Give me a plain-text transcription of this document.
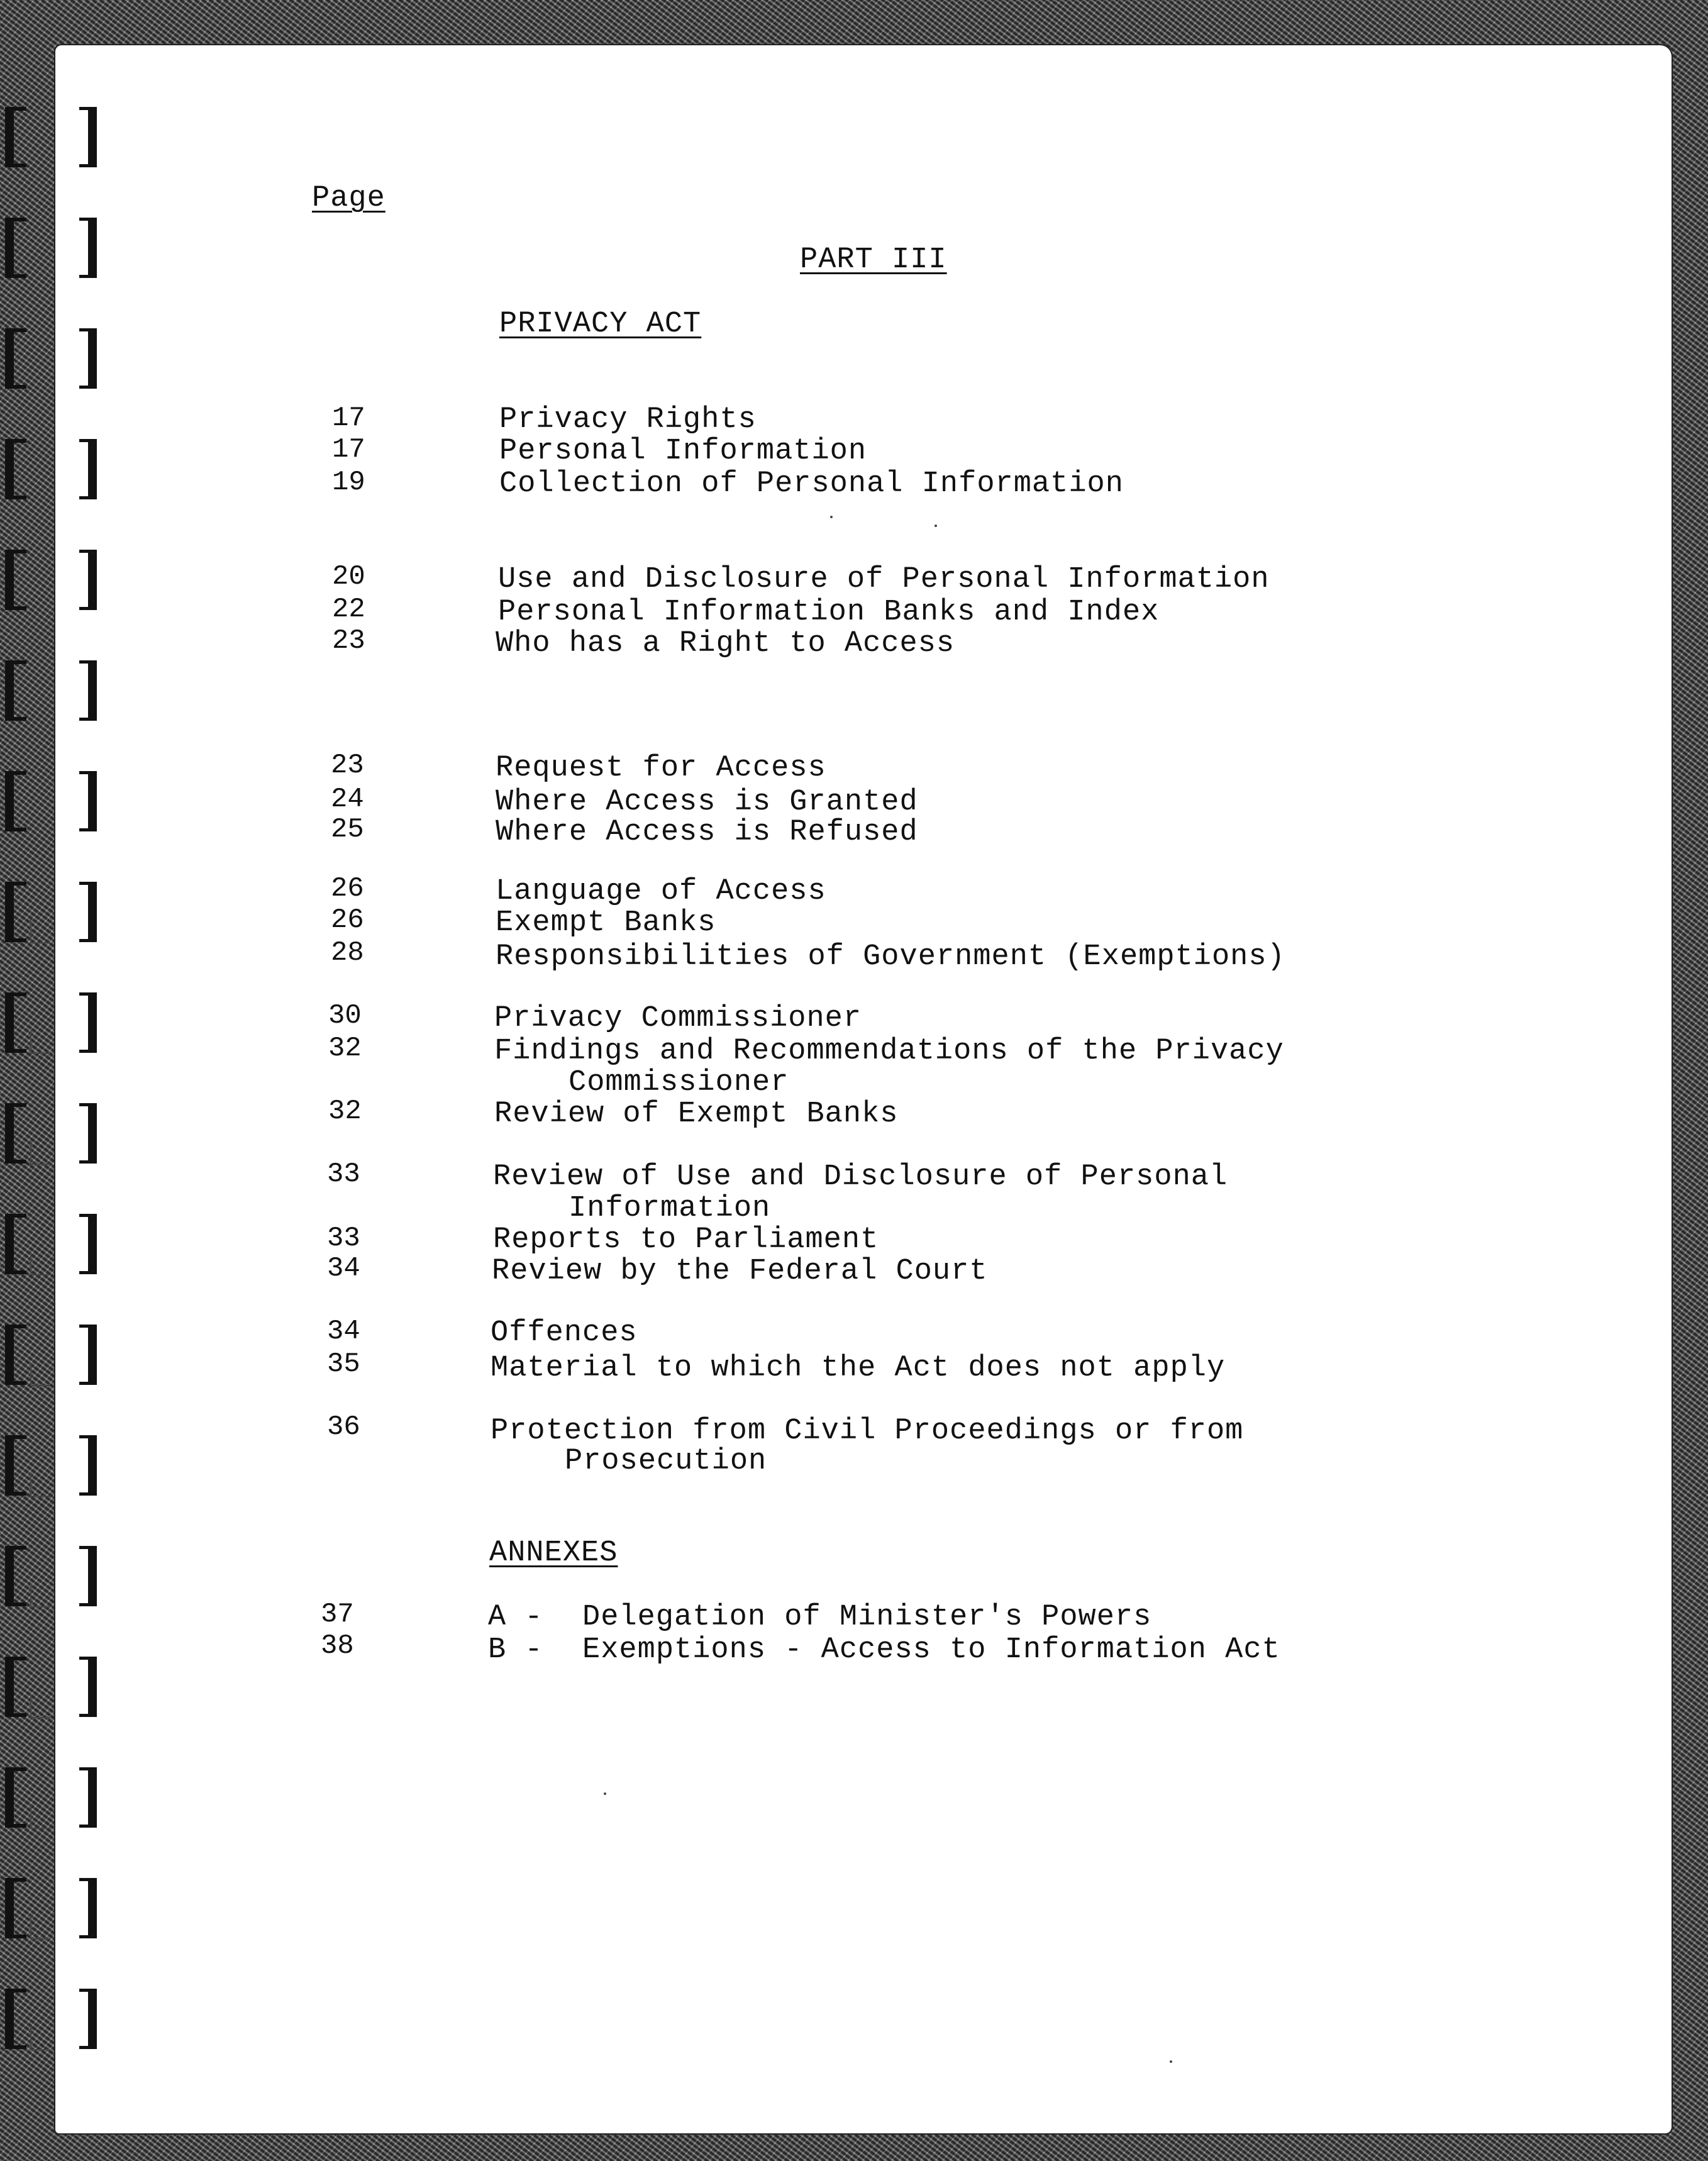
Page
PART III
PRIVACY ACT
17	Privacy Rights
17	Personal Information
19	Collection of Personal Information
20	Use and Disclosure of Personal Information
22	Personal Information Banks and Index
23	Who has a Right to Access
23	Request for Access
24	Where Access is Granted
25	Where Access is Refused
26	Language of Access
26	Exempt Banks
28	Responsibilities of Government (Exemptions)
30	Privacy Commissioner
32	Findings and Recommendations of the Privacy
Commissioner
32	Review of Exempt Banks
33	Review of Use and Disclosure of Personal
Information
33	Reports to Parliament
34	Review by the Federal Court
34	Offences
35	Material to which the Act does not apply
36	Protection from Civil Proceedings or from
Prosecution
ANNEXES
37	A - Delegation of Minister's Powers
38	B - Exemptions - Access to Information Act
